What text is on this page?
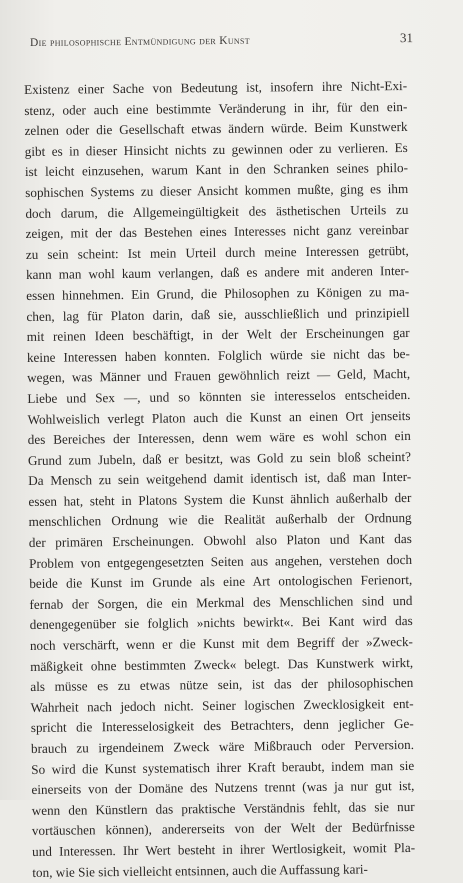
Die philosophische Entmündigung der Kunst	31
Existenz einer Sache von Bedeutung ist, insofern ihre Nicht-Exi-
stenz, oder auch eine bestimmte Veränderung in ihr, für den ein-
zelnen oder die Gesellschaft etwas ändern würde. Beim Kunstwerk
gibt es in dieser Hinsicht nichts zu gewinnen oder zu verlieren. Es
ist leicht einzusehen, warum Kant in den Schranken seines philo-
sophischen Systems zu dieser Ansicht kommen mußte, ging es ihm
doch darum, die Allgemeingültigkeit des ästhetischen Urteils zu
zeigen, mit der das Bestehen eines Interesses nicht ganz vereinbar
zu sein scheint: Ist mein Urteil durch meine Interessen getrübt,
kann man wohl kaum verlangen, daß es andere mit anderen Inter-
essen hinnehmen. Ein Grund, die Philosophen zu Königen zu ma-
chen, lag für Platon darin, daß sie, ausschließlich und prinzipiell
mit reinen Ideen beschäftigt, in der Welt der Erscheinungen gar
keine Interessen haben konnten. Folglich würde sie nicht das be-
wegen, was Männer und Frauen gewöhnlich reizt — Geld, Macht,
Liebe und Sex —, und so könnten sie interesselos entscheiden.
Wohlweislich verlegt Platon auch die Kunst an einen Ort jenseits
des Bereiches der Interessen, denn wem wäre es wohl schon ein
Grund zum Jubeln, daß er besitzt, was Gold zu sein bloß scheint?
Da Mensch zu sein weitgehend damit identisch ist, daß man Inter-
essen hat, steht in Platons System die Kunst ähnlich außerhalb der
menschlichen Ordnung wie die Realität außerhalb der Ordnung
der primären Erscheinungen. Obwohl also Platon und Kant das
Problem von entgegengesetzten Seiten aus angehen, verstehen doch
beide die Kunst im Grunde als eine Art ontologischen Ferienort,
fernab der Sorgen, die ein Merkmal des Menschlichen sind und
denengegenüber sie folglich »nichts bewirkt«. Bei Kant wird das
noch verschärft, wenn er die Kunst mit dem Begriff der »Zweck-
mäßigkeit ohne bestimmten Zweck« belegt. Das Kunstwerk wirkt,
als müsse es zu etwas nütze sein, ist das der philosophischen
Wahrheit nach jedoch nicht. Seiner logischen Zwecklosigkeit ent-
spricht die Interesselosigkeit des Betrachters, denn jeglicher Ge-
brauch zu irgendeinem Zweck wäre Mißbrauch oder Perversion.
So wird die Kunst systematisch ihrer Kraft beraubt, indem man sie
einerseits von der Domäne des Nutzens trennt (was ja nur gut ist,
wenn den Künstlern das praktische Verständnis fehlt, das sie nur
vortäuschen können), andererseits von der Welt der Bedürfnisse
und Interessen. Ihr Wert besteht in ihrer Wertlosigkeit, womit Pla-
ton, wie Sie sich vielleicht entsinnen, auch die Auffassung kari-
